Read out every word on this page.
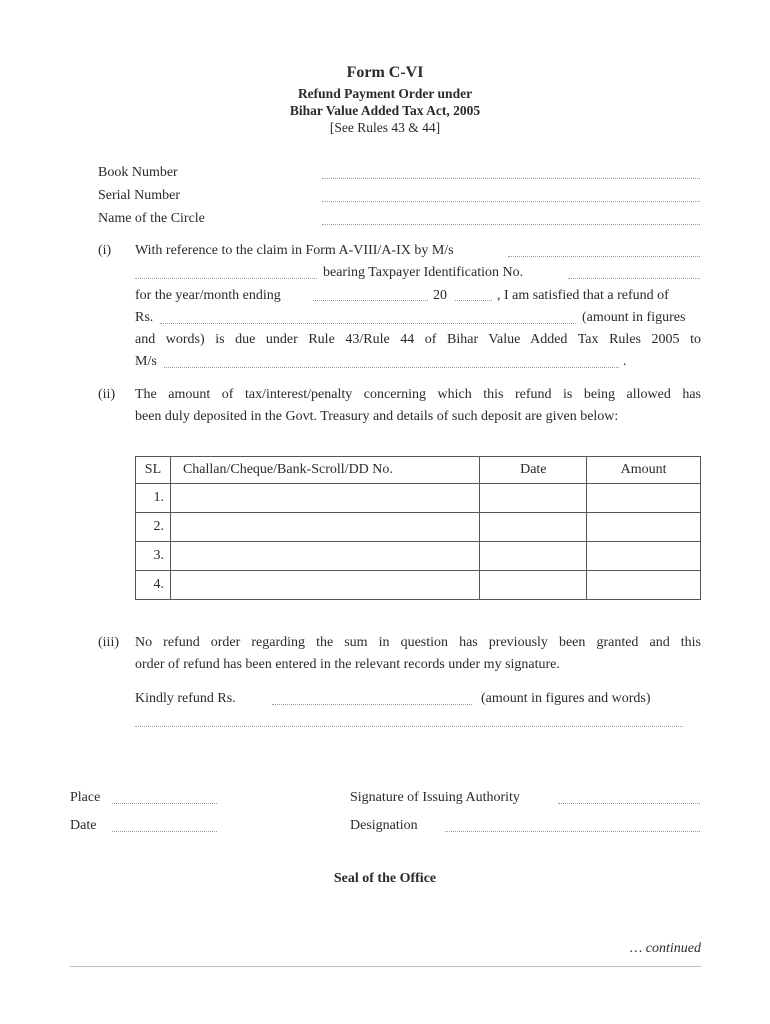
Form C-VI
Refund Payment Order under
Bihar Value Added Tax Act, 2005
[See Rules 43 & 44]
Book Number
Serial Number
Name of the Circle
(i) With reference to the claim in Form A-VIII/A-IX by M/s
bearing Taxpayer Identification No.
for the year/month ending	20	, I am satisfied that a refund of
Rs.	(amount in figures
and words) is due under Rule 43/Rule 44 of Bihar Value Added Tax Rules 2005 to
M/s	.
(ii) The amount of tax/interest/penalty concerning which this refund is being allowed has
been duly deposited in the Govt. Treasury and details of such deposit are given below:
SL	Challan/Cheque/Bank-Scroll/DD No.	Date	Amount
1.			
2.			
3.			
4.			
(iii) No refund order regarding the sum in question has previously been granted and this
order of refund has been entered in the relevant records under my signature.
Kindly refund Rs.	(amount in figures and words)
Place
Date
Signature of Issuing Authority
Designation
Seal of the Office
… continued
